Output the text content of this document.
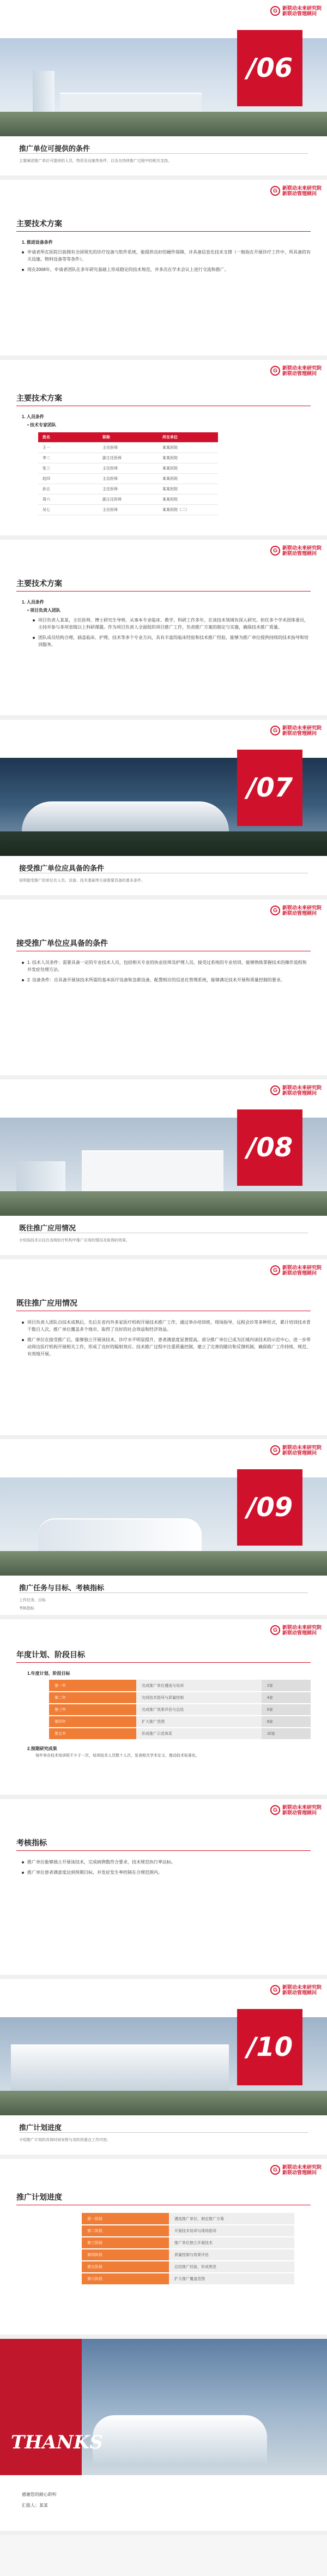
/06
G	新联动未来研究院
新联动管理顾问
推广单位可提供的条件
主要阐述推广单位可提供的人员、物资及设施等条件，以及在持续推广过程中的相关支持。
G	新联动未来研究院
新联动管理顾问
主要技术方案
1. 推进设备条件
申请者所在医院目前拥有全国领先的诊疗设备与软件系统，能提供良好的硬件保障，并具备信息化技术支撑（一般指在开展诊疗工作中，所具备的有关设施、物料设备等等条件）。
现在2008年，申请者团队在多年研究基础上形成稳定的技术规范，并多次在学术会议上进行交流和推广。
G	新联动未来研究院
新联动管理顾问
主要技术方案
1. 人员条件
• 技术专家团队
姓名	职称	所在单位
王一	主任医师	某某医院
李二	副主任医师	某某医院
张三	主任医师	某某医院
赵四	主治医师	某某医院
孙五	主任医师	某某医院
周六	副主任医师	某某医院
吴七	主任医师	某某医院（二）
G	新联动未来研究院
新联动管理顾问
主要技术方案
1. 人员条件
• 项目负责人团队
项目负责人某某，主任医师、博士研究生导师，从事本专业临床、教学、科研工作多年，在该技术领域有深入研究。担任多个学术团体委员，主持并参与多项省级以上科研课题。作为项目负责人全面组织项目推广工作，负责推广方案的制定与实施，确保技术推广质量。
团队成员结构合理，涵盖临床、护理、技术等多个专业方向，具有丰富的临床经验和技术推广经验，能够为推广单位提供持续的技术指导和培训服务。
/07
G	新联动未来研究院
新联动管理顾问
接受推广单位应具备的条件
说明接受推广的单位在人员、设备、技术基础等方面需要具备的基本条件。
G	新联动未来研究院
新联动管理顾问
接受推广单位应具备的条件
1. 技术人员条件：需要具备一定的专业技术人员，包括相关专业的执业医师及护理人员，接受过系统的专业培训，能够熟练掌握技术的操作流程和并发症处理方法。
2. 设备条件：应具备开展该技术所需的基本医疗设备和急救设备，配置相应的信息化管理系统，能够满足技术开展和质量控制的要求。
/08
G	新联动未来研究院
新联动管理顾问
既往推广应用情况
介绍该技术以往在各级医疗机构中推广应用的情况及取得的效果。
G	新联动未来研究院
新联动管理顾问
既往推广应用情况
项目负责人团队自技术成熟后，先后在省内外多家医疗机构开展技术推广工作，通过举办培训班、现场指导、远程会诊等多种形式，累计培训技术骨干数百人次，推广单位覆盖多个地市，取得了良好的社会效益和经济效益。
推广单位在接受推广后，能够独立开展该技术，诊疗水平明显提升，患者满意度显著提高。部分推广单位已成为区域内该技术的示范中心，进一步带动周边医疗机构开展相关工作，形成了良好的辐射效应。技术推广过程中注重质量控制，建立了完善的随访和反馈机制，确保推广工作持续、规范、有效地开展。
/09
G	新联动未来研究院
新联动管理顾问
推广任务与目标、考核指标
工作任务、目标
考核指标
G	新联动未来研究院
新联动管理顾问
年度计划、阶段目标
1.年度计划、阶段目标
第一年	完成推广单位遴选与培训	2家
第二年	完成技术指导与质量控制	4家
第三年	完成推广效果评估与总结	6家
第四年	扩大推广范围	8家
第五年	形成推广示范体系	10家
2.预期研究成果
每年举办技术培训班不少于一次，培训技术人员数十人次，发表相关学术论文，推动技术标准化。
G	新联动未来研究院
新联动管理顾问
考核指标
推广单位能够独立开展该技术，完成病例数符合要求，技术规范执行率达标。
推广单位患者满意度达到预期目标，并发症发生率控制在合理范围内。
/10
G	新联动未来研究院
新联动管理顾问
推广计划进度
介绍推广计划的具体时间安排与各阶段重点工作内容。
G	新联动未来研究院
新联动管理顾问
推广计划进度
第一阶段	遴选推广单位，制定推广方案
第二阶段	开展技术培训与现场指导
第三阶段	推广单位独立开展技术
第四阶段	质量控制与效果评估
第五阶段	总结推广经验，形成规范
第六阶段	扩大推广覆盖范围
THANKS
感谢您的耐心聆听
汇报人：某某
